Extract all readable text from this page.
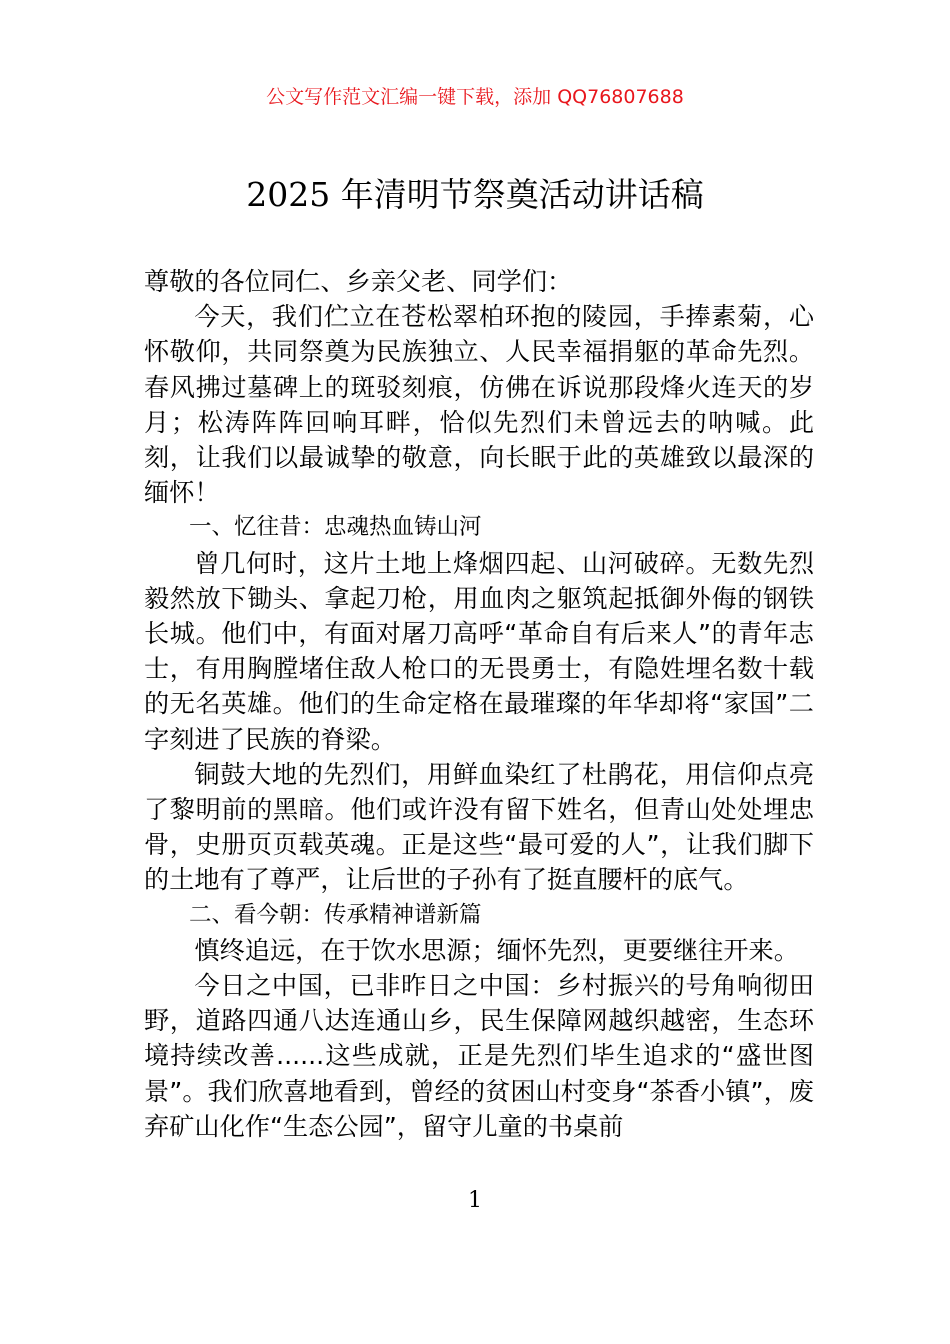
公文写作范文汇编一键下载，添加 QQ76807688
2025 年清明节祭奠活动讲话稿

尊敬的各位同仁、乡亲父老、同学们：

今天，我们伫立在苍松翠柏环抱的陵园，手捧素菊，心怀敬仰，共同祭奠为民族独立、人民幸福捐躯的革命先烈。春风拂过墓碑上的斑驳刻痕，仿佛在诉说那段烽火连天的岁月；松涛阵阵回响耳畔，恰似先烈们未曾远去的呐喊。此刻，让我们以最诚挚的敬意，向长眠于此的英雄致以最深的缅怀！

一、忆往昔：忠魂热血铸山河

曾几何时，这片土地上烽烟四起、山河破碎。无数先烈毅然放下锄头、拿起刀枪，用血肉之躯筑起抵御外侮的钢铁长城。他们中，有面对屠刀高呼“革命自有后来人”的青年志士，有用胸膛堵住敌人枪口的无畏勇士，有隐姓埋名数十载的无名英雄。他们的生命定格在最璀璨的年华却将“家国”二字刻进了民族的脊梁。

铜鼓大地的先烈们，用鲜血染红了杜鹃花，用信仰点亮了黎明前的黑暗。他们或许没有留下姓名，但青山处处埋忠骨，史册页页载英魂。正是这些“最可爱的人”，让我们脚下的土地有了尊严，让后世的子孙有了挺直腰杆的底气。

二、看今朝：传承精神谱新篇

慎终追远，在于饮水思源；缅怀先烈，更要继往开来。

今日之中国，已非昨日之中国：乡村振兴的号角响彻田野，道路四通八达连通山乡，民生保障网越织越密，生态环境持续改善......这些成就，正是先烈们毕生追求的“盛世图景”。我们欣喜地看到，曾经的贫困山村变身“茶香小镇”，废弃矿山化作“生态公园”，留守儿童的书桌前

1
